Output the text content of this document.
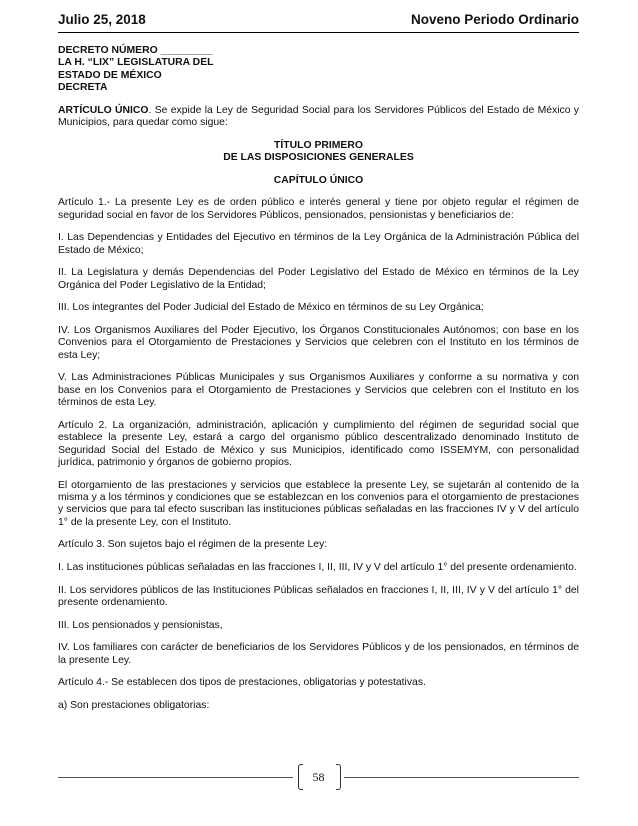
Julio 25, 2018	Noveno Periodo Ordinario

DECRETO NÚMERO _________

LA H. “LIX” LEGISLATURA DEL

ESTADO DE MÉXICO

DECRETA

ARTÍCULO ÚNICO. Se expide la Ley de Seguridad Social para los Servidores Públicos del Estado de México y Municipios, para quedar como sigue:

TÍTULO PRIMERO

DE LAS DISPOSICIONES GENERALES

CAPÍTULO ÚNICO

Artículo 1.- La presente Ley es de orden público e interés general y tiene por objeto regular el régimen de seguridad social en favor de los Servidores Públicos, pensionados, pensionistas y beneficiarios de:

I. Las Dependencias y Entidades del Ejecutivo en términos de la Ley Orgánica de la Administración Pública del Estado de México;

II. La Legislatura y demás Dependencias del Poder Legislativo del Estado de México en términos de la Ley Orgánica del Poder Legislativo de la Entidad;

III. Los integrantes del Poder Judicial del Estado de México en términos de su Ley Orgánica;

IV. Los Organismos Auxiliares del Poder Ejecutivo, los Órganos Constitucionales Autónomos; con base en los Convenios para el Otorgamiento de Prestaciones y Servicios que celebren con el Instituto en los términos de esta Ley;

V. Las Administraciones Públicas Municipales y sus Organismos Auxiliares y conforme a su normativa y con base en los Convenios para el Otorgamiento de Prestaciones y Servicios que celebren con el Instituto en los términos de esta Ley.

Artículo 2. La organización, administración, aplicación y cumplimiento del régimen de seguridad social que establece la presente Ley, estará a cargo del organismo público descentralizado denominado Instituto de Seguridad Social del Estado de México y sus Municipios, identificado como ISSEMYM, con personalidad jurídica, patrimonio y órganos de gobierno propios.

El otorgamiento de las prestaciones y servicios que establece la presente Ley, se sujetarán al contenido de la misma y a los términos y condiciones que se establezcan en los convenios para el otorgamiento de prestaciones y servicios que para tal efecto suscriban las instituciones públicas señaladas en las fracciones IV y V del artículo 1° de la presente Ley, con el Instituto.

Artículo 3. Son sujetos bajo el régimen de la presente Ley:

I. Las instituciones públicas señaladas en las fracciones I, II, III, IV y V del artículo 1° del presente ordenamiento.

II. Los servidores públicos de las Instituciones Públicas señalados en fracciones I, II, III, IV y V del artículo 1° del presente ordenamiento.

III. Los pensionados y pensionistas,

IV. Los familiares con carácter de beneficiarios de los Servidores Públicos y de los pensionados, en términos de la presente Ley.

Artículo 4.- Se establecen dos tipos de prestaciones, obligatorias y potestativas.

a) Son prestaciones obligatorias:

58
